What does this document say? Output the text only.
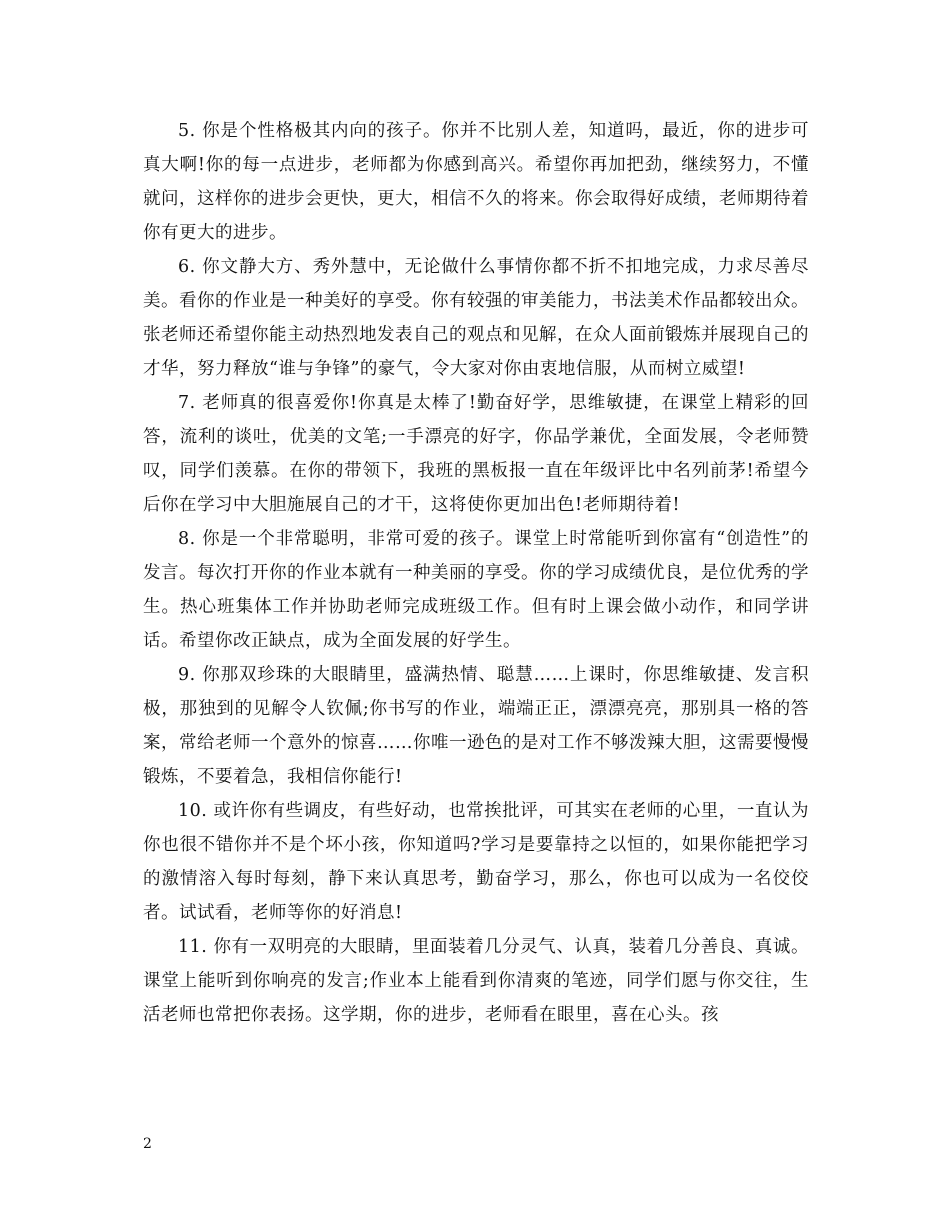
5. 你是个性格极其内向的孩子。你并不比别人差，知道吗，最近，你的进步可真大啊!你的每一点进步，老师都为你感到高兴。希望你再加把劲，继续努力，不懂就问，这样你的进步会更快，更大，相信不久的将来。你会取得好成绩，老师期待着你有更大的进步。

6. 你文静大方、秀外慧中，无论做什么事情你都不折不扣地完成，力求尽善尽美。看你的作业是一种美好的享受。你有较强的审美能力，书法美术作品都较出众。张老师还希望你能主动热烈地发表自己的观点和见解，在众人面前锻炼并展现自己的才华，努力释放“谁与争锋”的豪气，令大家对你由衷地信服，从而树立威望!

7. 老师真的很喜爱你!你真是太棒了!勤奋好学，思维敏捷，在课堂上精彩的回答，流利的谈吐，优美的文笔;一手漂亮的好字，你品学兼优，全面发展，令老师赞叹，同学们羡慕。在你的带领下，我班的黑板报一直在年级评比中名列前茅!希望今后你在学习中大胆施展自己的才干，这将使你更加出色!老师期待着!

8. 你是一个非常聪明，非常可爱的孩子。课堂上时常能听到你富有“创造性”的发言。每次打开你的作业本就有一种美丽的享受。你的学习成绩优良，是位优秀的学生。热心班集体工作并协助老师完成班级工作。但有时上课会做小动作，和同学讲话。希望你改正缺点，成为全面发展的好学生。

9. 你那双珍珠的大眼睛里，盛满热情、聪慧……上课时，你思维敏捷、发言积极，那独到的见解令人钦佩;你书写的作业，端端正正，漂漂亮亮，那别具一格的答案，常给老师一个意外的惊喜……你唯一逊色的是对工作不够泼辣大胆，这需要慢慢锻炼，不要着急，我相信你能行!

10. 或许你有些调皮，有些好动，也常挨批评，可其实在老师的心里，一直认为你也很不错你并不是个坏小孩，你知道吗?学习是要靠持之以恒的，如果你能把学习的激情溶入每时每刻，静下来认真思考，勤奋学习，那么，你也可以成为一名佼佼者。试试看，老师等你的好消息!

11. 你有一双明亮的大眼睛，里面装着几分灵气、认真，装着几分善良、真诚。课堂上能听到你响亮的发言;作业本上能看到你清爽的笔迹，同学们愿与你交往，生活老师也常把你表扬。这学期，你的进步，老师看在眼里，喜在心头。孩

2
